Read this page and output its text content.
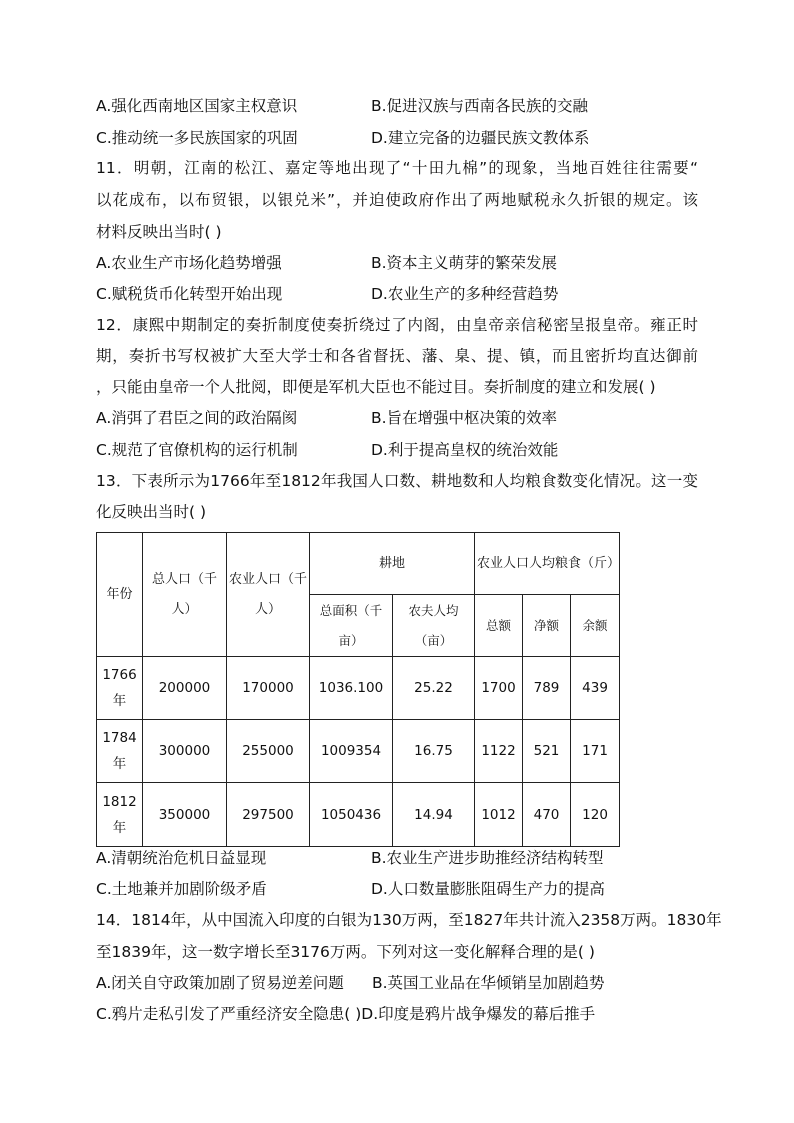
A.强化西南地区国家主权意识	B.促进汉族与西南各民族的交融
C.推动统一多民族国家的巩固	D.建立完备的边疆民族文教体系
11．明朝，江南的松江、嘉定等地出现了“十田九棉”的现象，当地百姓往往需要“
以花成布，以布贸银，以银兑米”，并迫使政府作出了两地赋税永久折银的规定。该
材料反映出当时( )
A.农业生产市场化趋势增强	B.资本主义萌芽的繁荣发展
C.赋税货币化转型开始出现	D.农业生产的多种经营趋势
12．康熙中期制定的奏折制度使奏折绕过了内阁，由皇帝亲信秘密呈报皇帝。雍正时
期，奏折书写权被扩大至大学士和各省督抚、藩、臬、提、镇，而且密折均直达御前
，只能由皇帝一个人批阅，即便是军机大臣也不能过目。奏折制度的建立和发展( )
A.消弭了君臣之间的政治隔阂	B.旨在增强中枢决策的效率
C.规范了官僚机构的运行机制	D.利于提高皇权的统治效能
13．下表所示为1766年至1812年我国人口数、耕地数和人均粮食数变化情况。这一变
化反映出当时( )
年份	总人口（千人）	农业人口（千人）	耕地		农业人口人均粮食（斤）		
			总面积（千亩）	农夫人均（亩）	总额	净额	余额
1766年	200000	170000	1036.100	25.22	1700	789	439
1784年	300000	255000	1009354	16.75	1122	521	171
1812年	350000	297500	1050436	14.94	1012	470	120
A.清朝统治危机日益显现	B.农业生产进步助推经济结构转型
C.土地兼并加剧阶级矛盾	D.人口数量膨胀阻碍生产力的提高
14．1814年，从中国流入印度的白银为130万两，至1827年共计流入2358万两。1830年
至1839年，这一数字增长至3176万两。下列对这一变化解释合理的是( )
A.闭关自守政策加剧了贸易逆差问题 B.英国工业品在华倾销呈加剧趋势
C.鸦片走私引发了严重经济安全隐患( )D.印度是鸦片战争爆发的幕后推手
